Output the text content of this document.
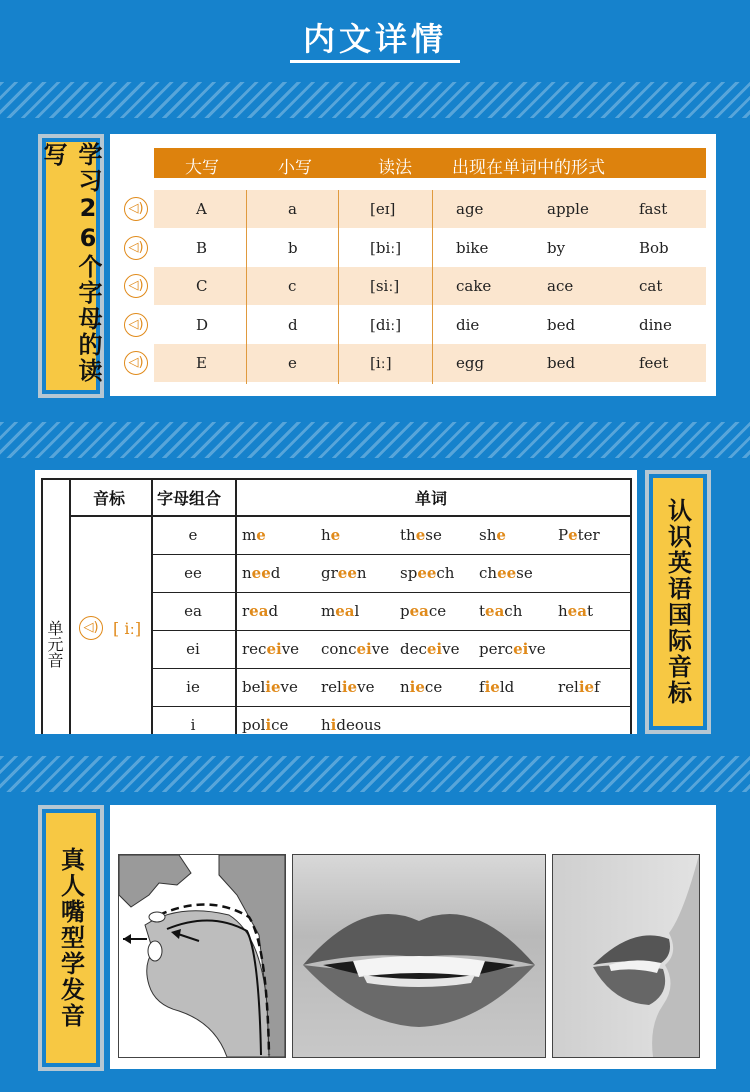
内文详情
学习26个字母的读写	大写	小写	读法 出现在单词中的形式
A	a	[eɪ]	age	apple	fast
B	b	[biː]	bike	by	Bob
C	c	[siː]	cake	ace	cat
D	d	[diː]	die	bed	dine
E	e	[iː]	egg	bed	feet
◁)
◁)
◁)
◁)
◁)
认识英语国际音标
音标 字母组合	单词
单元音	◁) [ iː]
e	me	he	these she	Peter
ee	need	green speech cheese
ea	read	meal	peace teach heat
ei	receive conceive deceive perceive
ie	believe relieve niece field	relief
i	police hideous
真人嘴型学发音
